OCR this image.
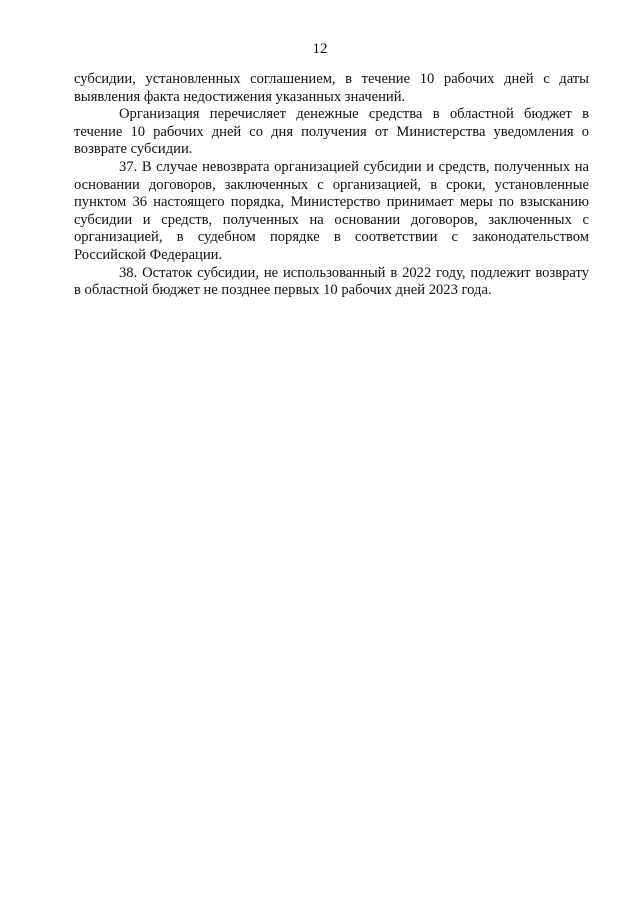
12
субсидии, установленных соглашением, в течение 10 рабочих дней с даты
выявления факта недостижения указанных значений.
Организация перечисляет денежные средства в областной бюджет в
течение 10 рабочих дней со дня получения от Министерства уведомления о
возврате субсидии.
37. В случае невозврата организацией субсидии и средств, полученных на
основании договоров, заключенных с организацией, в сроки, установленные
пунктом 36 настоящего порядка, Министерство принимает меры по взысканию
субсидии и средств, полученных на основании договоров, заключенных с
организацией, в судебном порядке в соответствии с законодательством
Российской Федерации.
38. Остаток субсидии, не использованный в 2022 году, подлежит возврату
в областной бюджет не позднее первых 10 рабочих дней 2023 года.
